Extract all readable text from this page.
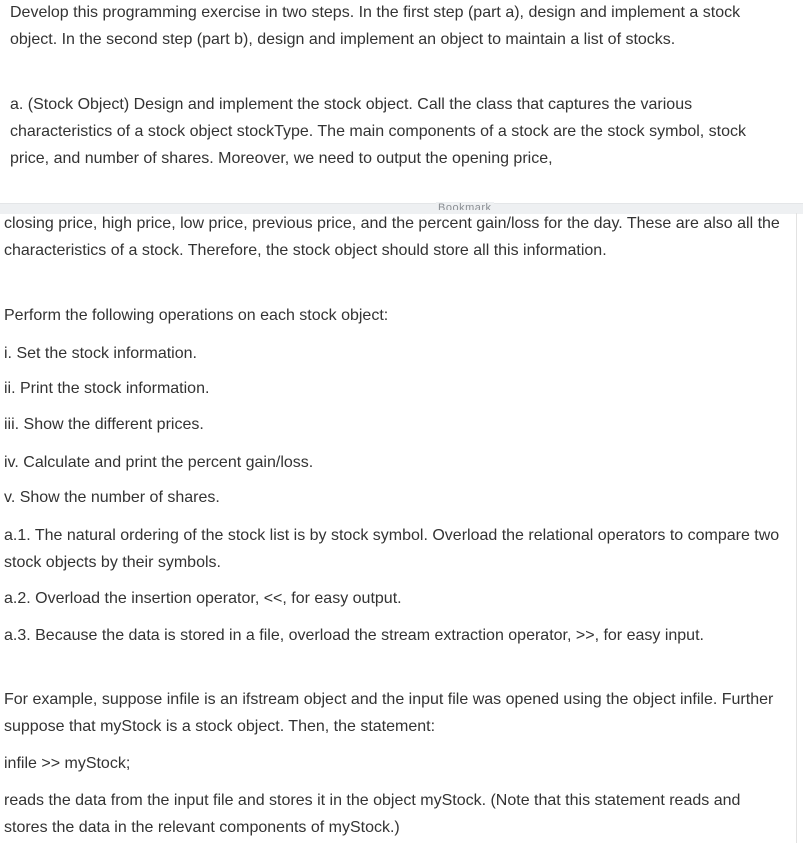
Develop this programming exercise in two steps. In the first step (part a), design and implement a stock object. In the second step (part b), design and implement an object to maintain a list of stocks.

a. (Stock Object) Design and implement the stock object. Call the class that captures the various characteristics of a stock object stockType. The main components of a stock are the stock symbol, stock price, and number of shares. Moreover, we need to output the opening price,

Bookmark

closing price, high price, low price, previous price, and the percent gain/loss for the day. These are also all the characteristics of a stock. Therefore, the stock object should store all this information.

Perform the following operations on each stock object:

i. Set the stock information.

ii. Print the stock information.

iii. Show the different prices.

iv. Calculate and print the percent gain/loss.

v. Show the number of shares.

a.1. The natural ordering of the stock list is by stock symbol. Overload the relational operators to compare two stock objects by their symbols.

a.2. Overload the insertion operator, <<, for easy output.

a.3. Because the data is stored in a file, overload the stream extraction operator, >>, for easy input.

For example, suppose infile is an ifstream object and the input file was opened using the object infile. Further suppose that myStock is a stock object. Then, the statement:

infile >> myStock;

reads the data from the input file and stores it in the object myStock. (Note that this statement reads and stores the data in the relevant components of myStock.)
